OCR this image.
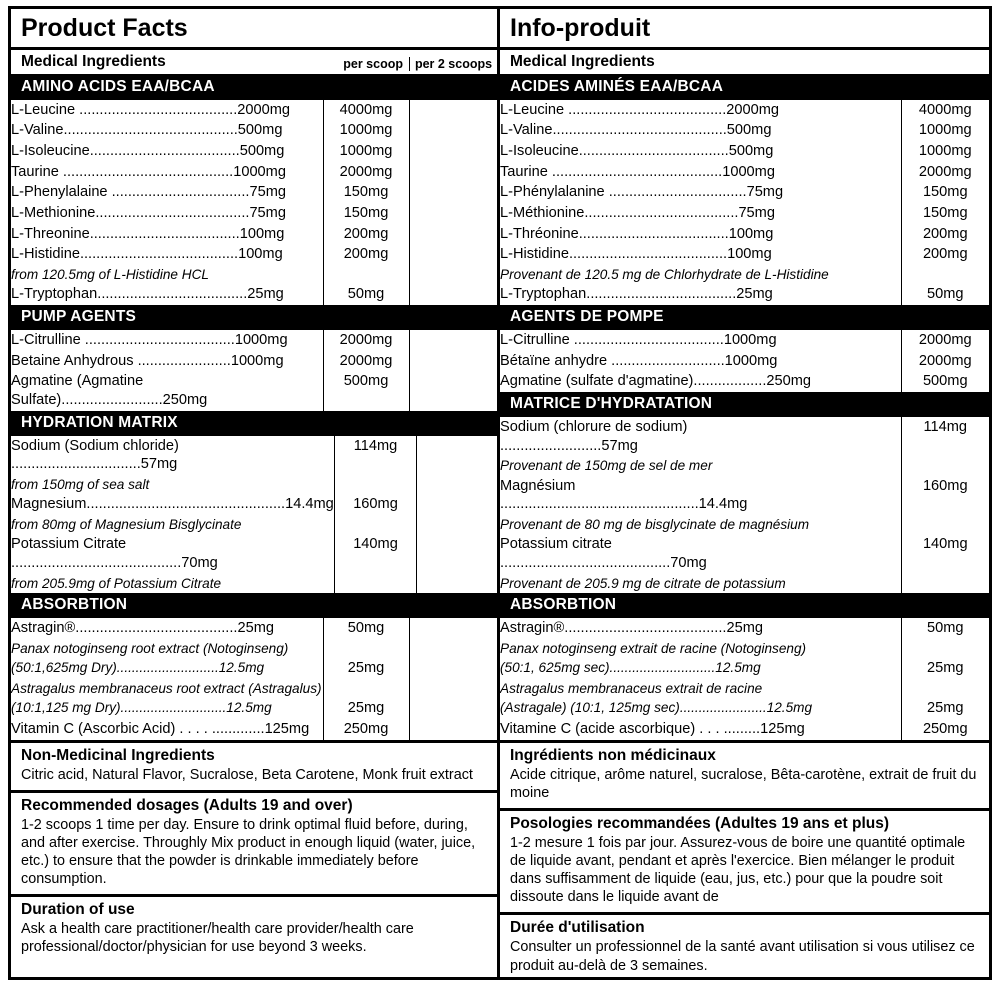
Product Facts
Medical Ingredients	per scoop per 2 scoops
AMINO ACIDS EAA/BCAA
L-Leucine .......................................2000mg	4000mg	
L-Valine...........................................500mg	1000mg	
L-Isoleucine.....................................500mg	1000mg	
Taurine ..........................................1000mg	2000mg	
L-Phenylalaine ..................................75mg	150mg	
L-Methionine......................................75mg	150mg	
L-Threonine.....................................100mg	200mg	
L-Histidine.......................................100mg	200mg	
from 120.5mg of L-Histidine HCL		
L-Tryptophan.....................................25mg	50mg	
PUMP AGENTS
L-Citrulline .....................................1000mg	2000mg	
Betaine Anhydrous .......................1000mg	2000mg	
Agmatine (Agmatine Sulfate).........................250mg	500mg	
HYDRATION MATRIX
Sodium (Sodium chloride) ................................57mg	114mg	
from 150mg of sea salt		
Magnesium.................................................14.4mg	160mg	
from 80mg of Magnesium Bisglycinate		
Potassium Citrate ..........................................70mg	140mg	
from 205.9mg of Potassium Citrate		
ABSORBTION
Astragin®........................................25mg	50mg	
Panax notoginseng root extract (Notoginseng)		
(50:1,625mg Dry)...........................12.5mg	25mg	
Astragalus membranaceus root extract (Astragalus)		
(10:1,125 mg Dry)............................12.5mg	25mg	
Vitamin C (Ascorbic Acid) . . . . .............125mg	250mg	
Non-Medicinal Ingredients

Citric acid, Natural Flavor, Sucralose, Beta Carotene, Monk fruit extract

Recommended dosages (Adults 19 and over)

1-2 scoops 1 time per day. Ensure to drink optimal fluid before, during, and after exercise. Throughly Mix product in enough liquid (water, juice, etc.) to ensure that the powder is drinkable immediately before consumption.

Duration of use

Ask a health care practitioner/health care provider/health care professional/doctor/physician for use beyond 3 weeks.

Info-produit
Medical Ingredients
ACIDES AMINÉS EAA/BCAA
L-Leucine .......................................2000mg		4000mg
L-Valine...........................................500mg		1000mg
L-Isoleucine.....................................500mg		1000mg
Taurine ..........................................1000mg		2000mg
L-Phénylalanine ..................................75mg		150mg
L-Méthionine......................................75mg		150mg
L-Thréonine.....................................100mg		200mg
L-Histidine.......................................100mg		200mg
Provenant de 120.5 mg de Chlorhydrate de L-Histidine		
L-Tryptophan.....................................25mg		50mg
AGENTS DE POMPE
L-Citrulline .....................................1000mg		2000mg
Bétaïne anhydre ............................1000mg		2000mg
Agmatine (sulfate d'agmatine)..................250mg		500mg
MATRICE D'HYDRATATION
Sodium (chlorure de sodium) .........................57mg		114mg
Provenant de 150mg de sel de mer		
Magnésium .................................................14.4mg		160mg
Provenant de 80 mg de bisglycinate de magnésium		
Potassium citrate ..........................................70mg		140mg
Provenant de 205.9 mg de citrate de potassium		
ABSORBTION
Astragin®........................................25mg		50mg
Panax notoginseng extrait de racine (Notoginseng)		
(50:1, 625mg sec)............................12.5mg		25mg
Astragalus membranaceus extrait de racine		
(Astragale) (10:1, 125mg sec).......................12.5mg		25mg
Vitamine C (acide ascorbique) . . . .........125mg		250mg
Ingrédients non médicinaux

Acide citrique, arôme naturel, sucralose, Bêta-carotène, extrait de fruit du moine

Posologies recommandées (Adultes 19 ans et plus)

1-2 mesure 1 fois par jour. Assurez-vous de boire une quantité optimale de liquide avant, pendant et après l'exercice. Bien mélanger le produit dans suffisamment de liquide (eau, jus, etc.) pour que la poudre soit dissoute dans le liquide avant de

Durée d'utilisation

Consulter un professionnel de la santé avant utilisation si vous utilisez ce produit au-delà de 3 semaines.
